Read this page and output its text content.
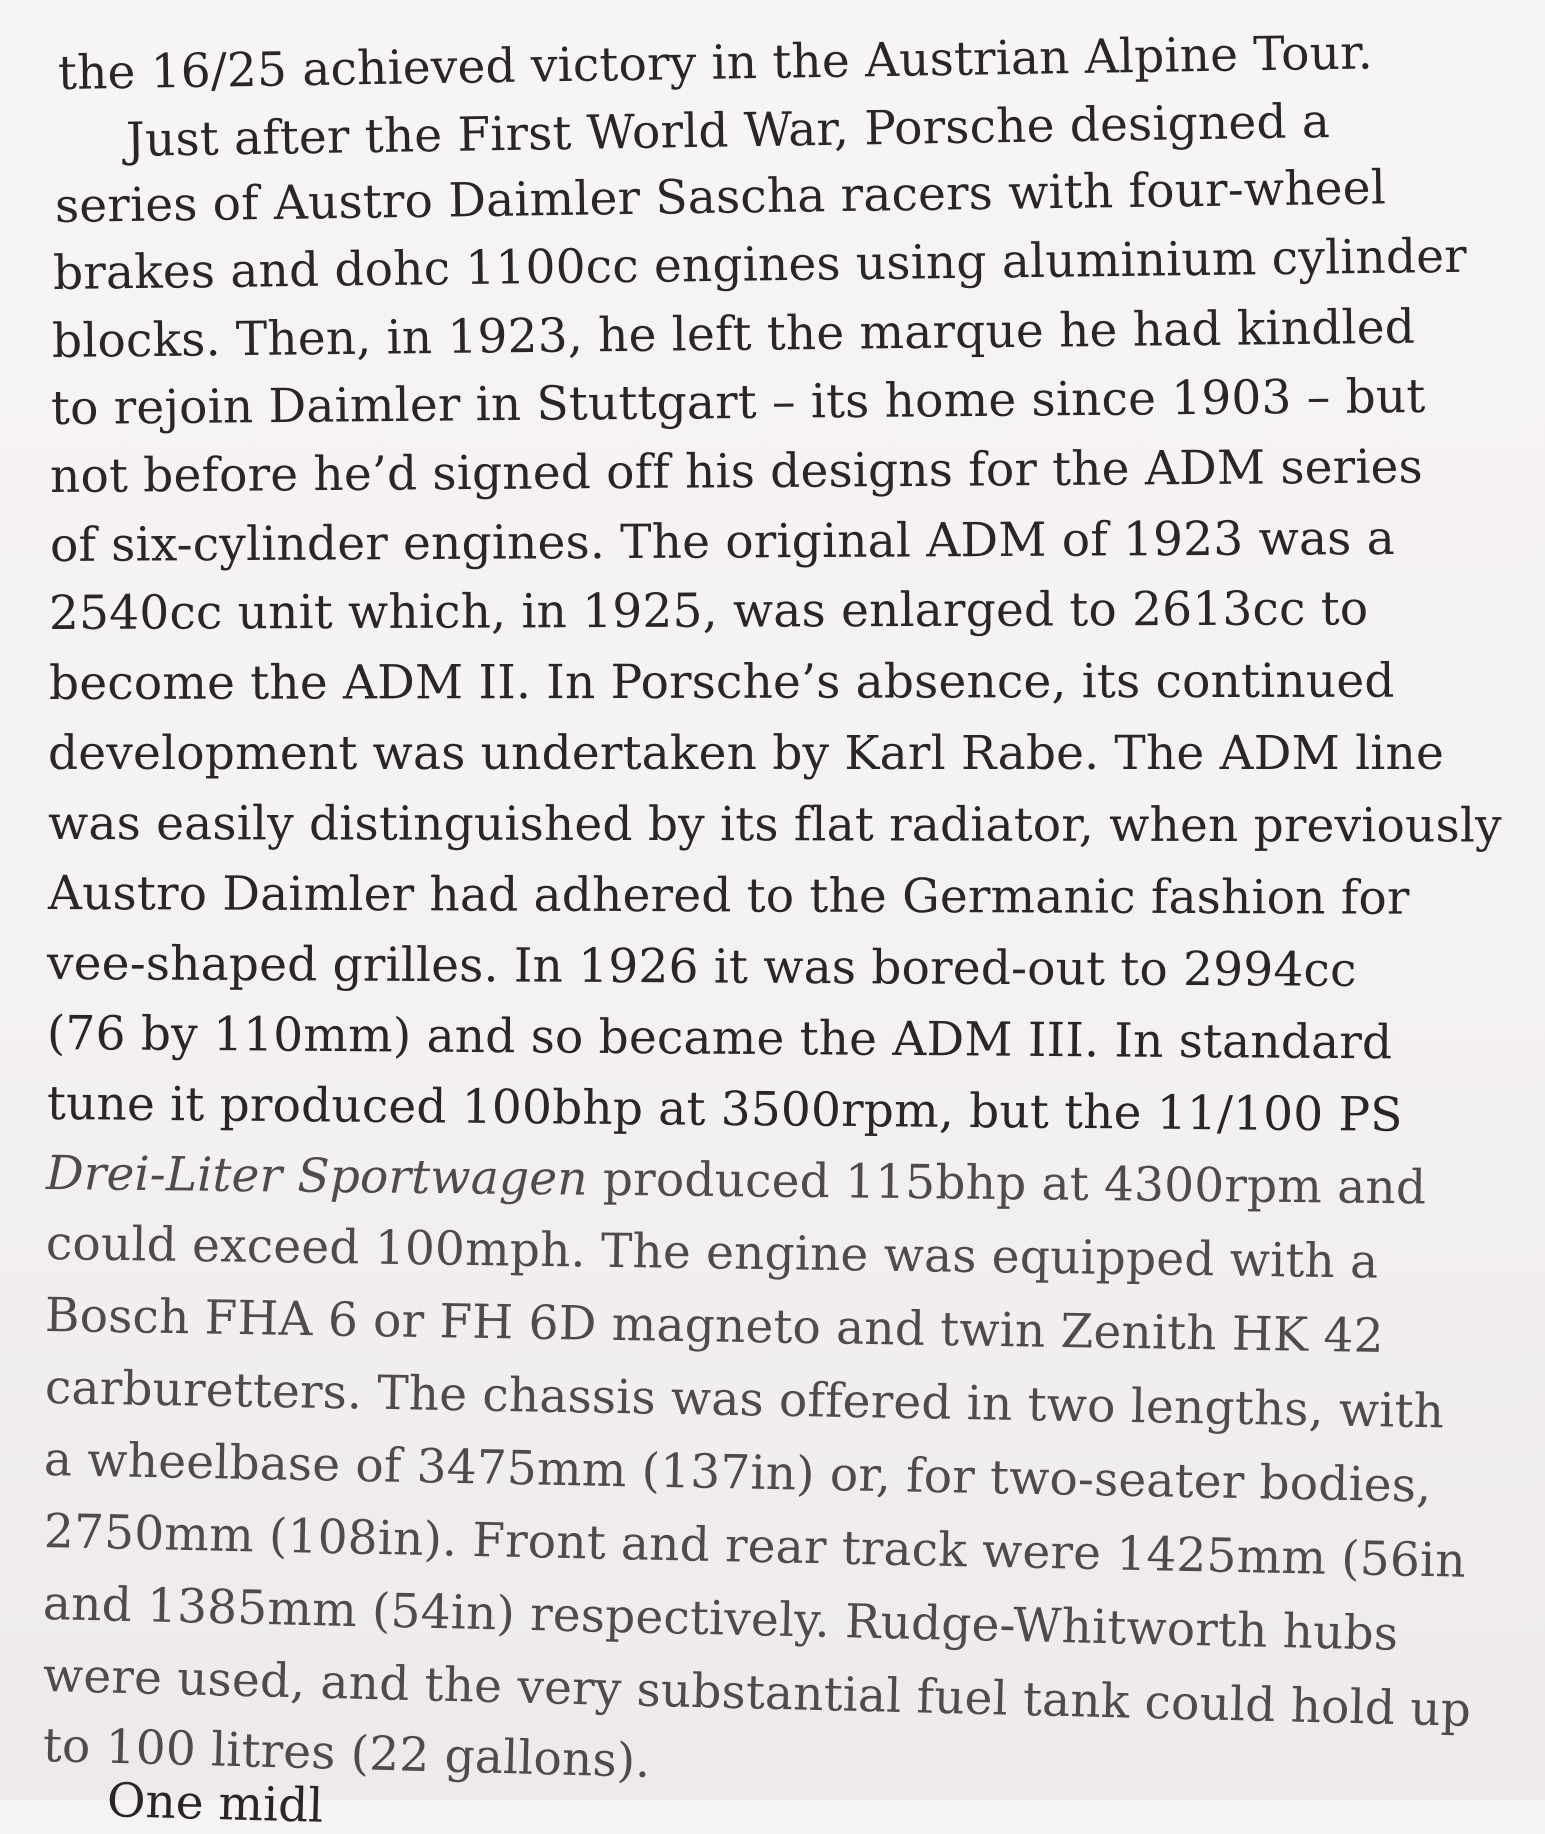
the 16/25 achieved victory in the Austrian Alpine Tour.
Just after the First World War, Porsche designed a
series of Austro Daimler Sascha racers with four-wheel
brakes and dohc 1100cc engines using aluminium cylinder
blocks. Then, in 1923, he left the marque he had kindled
to rejoin Daimler in Stuttgart – its home since 1903 – but
not before he’d signed off his designs for the ADM series
of six-cylinder engines. The original ADM of 1923 was a
2540cc unit which, in 1925, was enlarged to 2613cc to
become the ADM II. In Porsche’s absence, its continued
development was undertaken by Karl Rabe. The ADM line
was easily distinguished by its flat radiator, when previously
Austro Daimler had adhered to the Germanic fashion for
vee-shaped grilles. In 1926 it was bored-out to 2994cc
(76 by 110mm) and so became the ADM III. In standard
tune it produced 100bhp at 3500rpm, but the 11/100 PS
Drei-Liter Sportwagen produced 115bhp at 4300rpm and
could exceed 100mph. The engine was equipped with a
Bosch FHA 6 or FH 6D magneto and twin Zenith HK 42
carburetters. The chassis was offered in two lengths, with
a wheelbase of 3475mm (137in) or, for two-seater bodies,
2750mm (108in). Front and rear track were 1425mm (56in
and 1385mm (54in) respectively. Rudge-Whitworth hubs
were used, and the very substantial fuel tank could hold up
to 100 litres (22 gallons).
One midl
